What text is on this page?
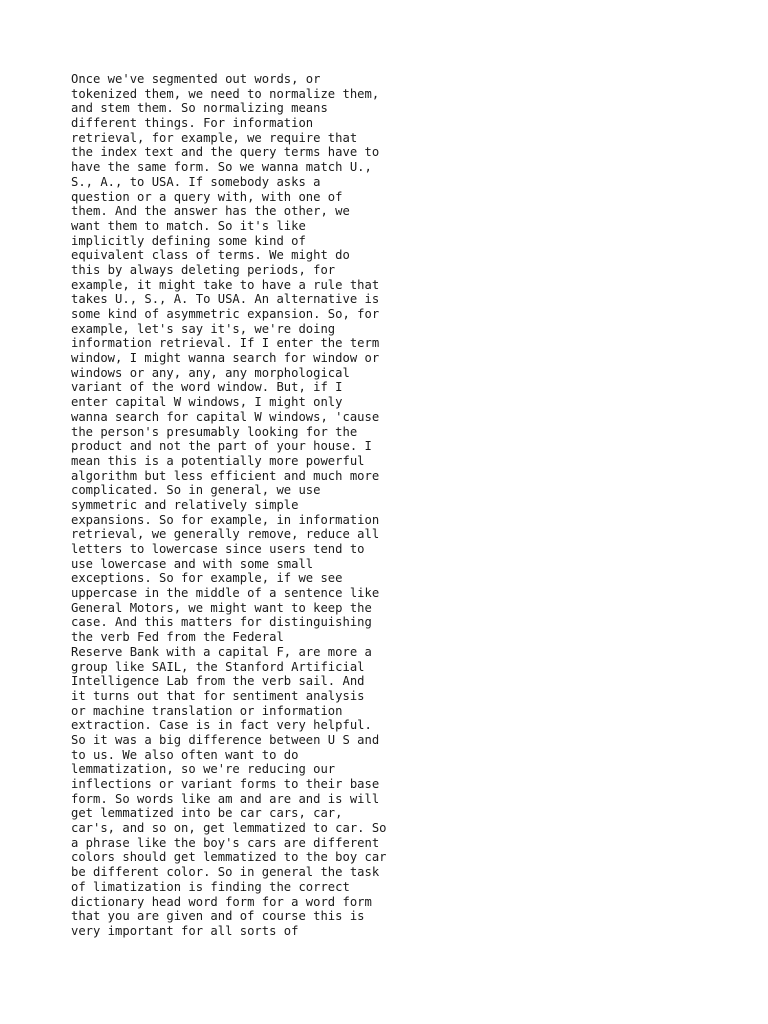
Once we've segmented out words, or
tokenized them, we need to normalize them,
and stem them. So normalizing means
different things. For information
retrieval, for example, we require that
the index text and the query terms have to
have the same form. So we wanna match U.,
S., A., to USA. If somebody asks a
question or a query with, with one of
them. And the answer has the other, we
want them to match. So it's like
implicitly defining some kind of
equivalent class of terms. We might do
this by always deleting periods, for
example, it might take to have a rule that
takes U., S., A. To USA. An alternative is
some kind of asymmetric expansion. So, for
example, let's say it's, we're doing
information retrieval. If I enter the term
window, I might wanna search for window or
windows or any, any, any morphological
variant of the word window. But, if I
enter capital W windows, I might only
wanna search for capital W windows, 'cause
the person's presumably looking for the
product and not the part of your house. I
mean this is a potentially more powerful
algorithm but less efficient and much more
complicated. So in general, we use
symmetric and relatively simple
expansions. So for example, in information
retrieval, we generally remove, reduce all
letters to lowercase since users tend to
use lowercase and with some small
exceptions. So for example, if we see
uppercase in the middle of a sentence like
General Motors, we might want to keep the
case. And this matters for distinguishing
the verb Fed from the Federal
Reserve Bank with a capital F, are more a
group like SAIL, the Stanford Artificial
Intelligence Lab from the verb sail. And
it turns out that for sentiment analysis
or machine translation or information
extraction. Case is in fact very helpful.
So it was a big difference between U S and
to us. We also often want to do
lemmatization, so we're reducing our
inflections or variant forms to their base
form. So words like am and are and is will
get lemmatized into be car cars, car,
car's, and so on, get lemmatized to car. So
a phrase like the boy's cars are different
colors should get lemmatized to the boy car
be different color. So in general the task
of limatization is finding the correct
dictionary head word form for a word form
that you are given and of course this is
very important for all sorts of
